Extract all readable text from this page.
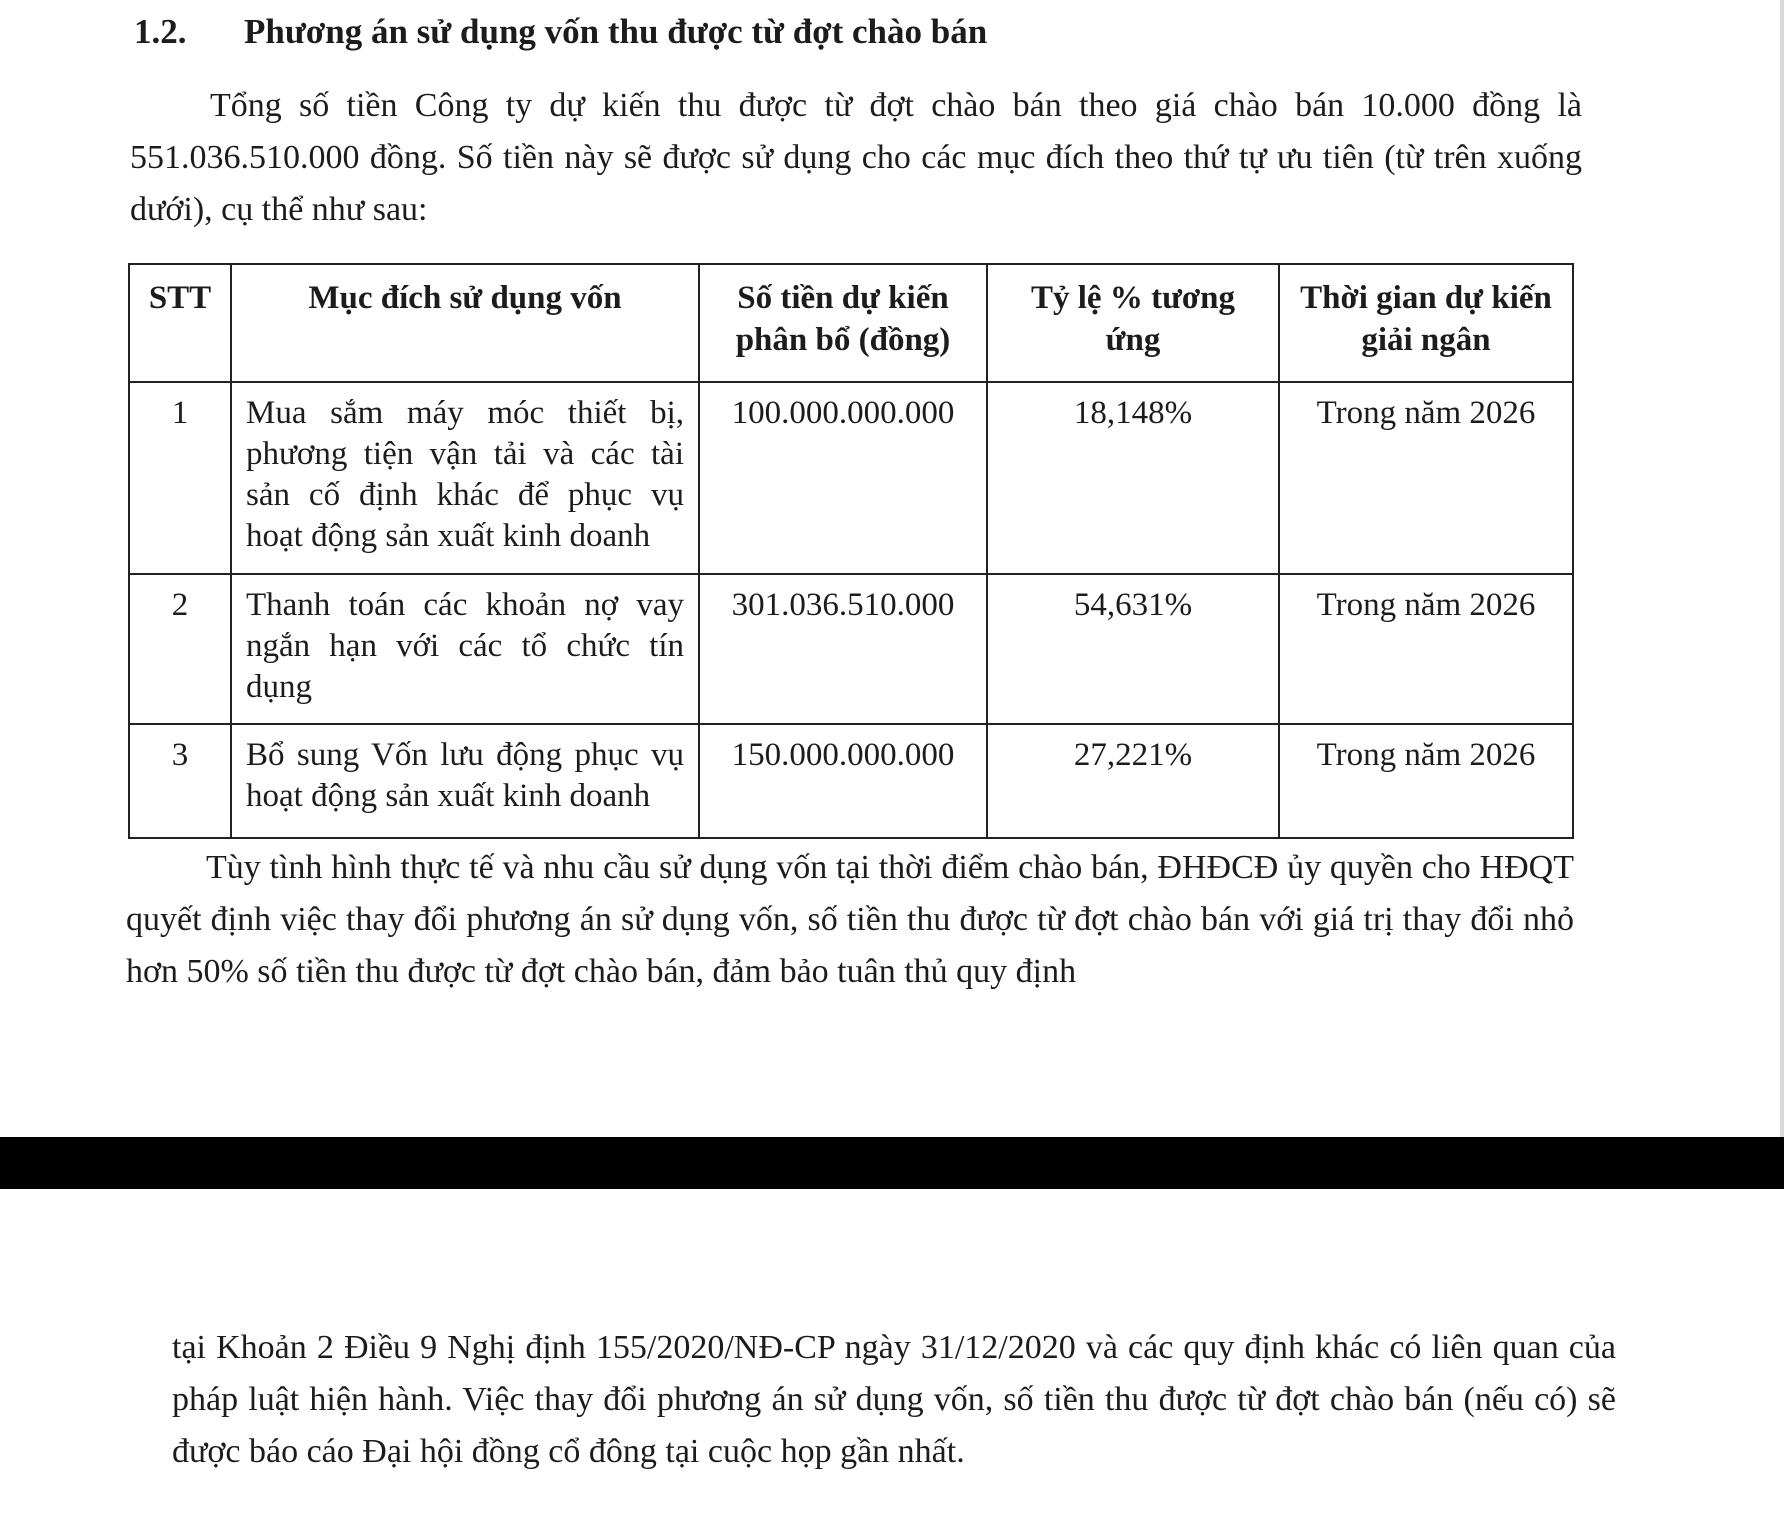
1.2. Phương án sử dụng vốn thu được từ đợt chào bán
Tổng số tiền Công ty dự kiến thu được từ đợt chào bán theo giá chào bán 10.000 đồng là 551.036.510.000 đồng. Số tiền này sẽ được sử dụng cho các mục đích theo thứ tự ưu tiên (từ trên xuống dưới), cụ thể như sau:
STT	Mục đích sử dụng vốn	Số tiền dự kiến phân bổ (đồng)	Tỷ lệ % tương ứng	Thời gian dự kiến giải ngân
1	Mua sắm máy móc thiết bị, phương tiện vận tải và các tài sản cố định khác để phục vụ hoạt động sản xuất kinh doanh	100.000.000.000	18,148%	Trong năm 2026
2	Thanh toán các khoản nợ vay ngắn hạn với các tổ chức tín dụng	301.036.510.000	54,631%	Trong năm 2026
3	Bổ sung Vốn lưu động phục vụ hoạt động sản xuất kinh doanh	150.000.000.000	27,221%	Trong năm 2026
Tùy tình hình thực tế và nhu cầu sử dụng vốn tại thời điểm chào bán, ĐHĐCĐ ủy quyền cho HĐQT quyết định việc thay đổi phương án sử dụng vốn, số tiền thu được từ đợt chào bán với giá trị thay đổi nhỏ hơn 50% số tiền thu được từ đợt chào bán, đảm bảo tuân thủ quy định
tại Khoản 2 Điều 9 Nghị định 155/2020/NĐ-CP ngày 31/12/2020 và các quy định khác có liên quan của pháp luật hiện hành. Việc thay đổi phương án sử dụng vốn, số tiền thu được từ đợt chào bán (nếu có) sẽ được báo cáo Đại hội đồng cổ đông tại cuộc họp gần nhất.
